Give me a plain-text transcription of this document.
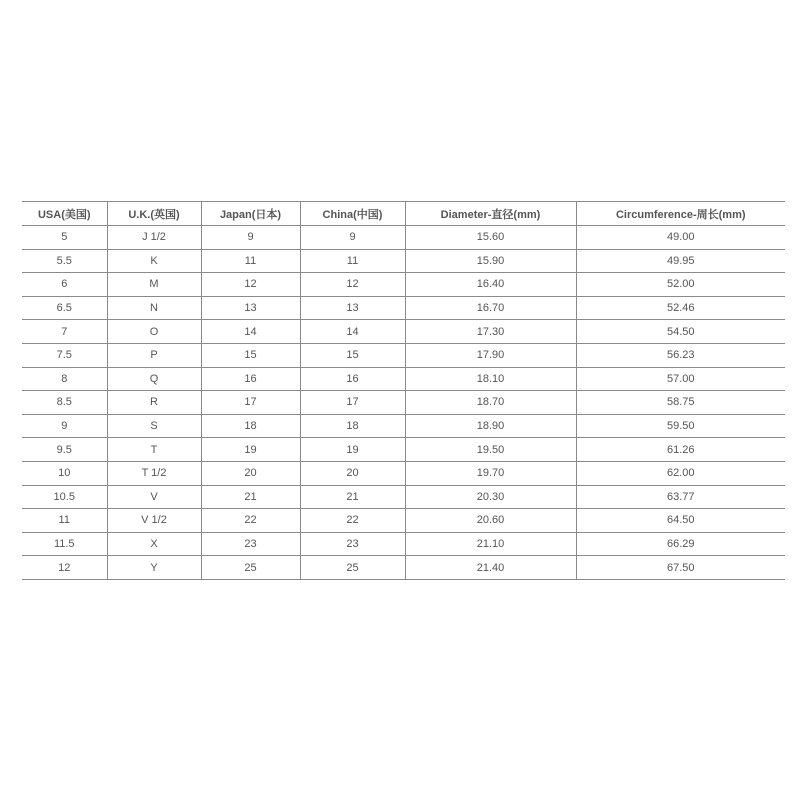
USA(美国)	U.K.(英国)	Japan(日本)	China(中国)	Diameter-直径(mm)	Circumference-周长(mm)
5	J 1/2	9	9	15.60	49.00
5.5	K	11	11	15.90	49.95
6	M	12	12	16.40	52.00
6.5	N	13	13	16.70	52.46
7	O	14	14	17.30	54.50
7.5	P	15	15	17.90	56.23
8	Q	16	16	18.10	57.00
8.5	R	17	17	18.70	58.75
9	S	18	18	18.90	59.50
9.5	T	19	19	19.50	61.26
10	T 1/2	20	20	19.70	62.00
10.5	V	21	21	20.30	63.77
11	V 1/2	22	22	20.60	64.50
11.5	X	23	23	21.10	66.29
12	Y	25	25	21.40	67.50
